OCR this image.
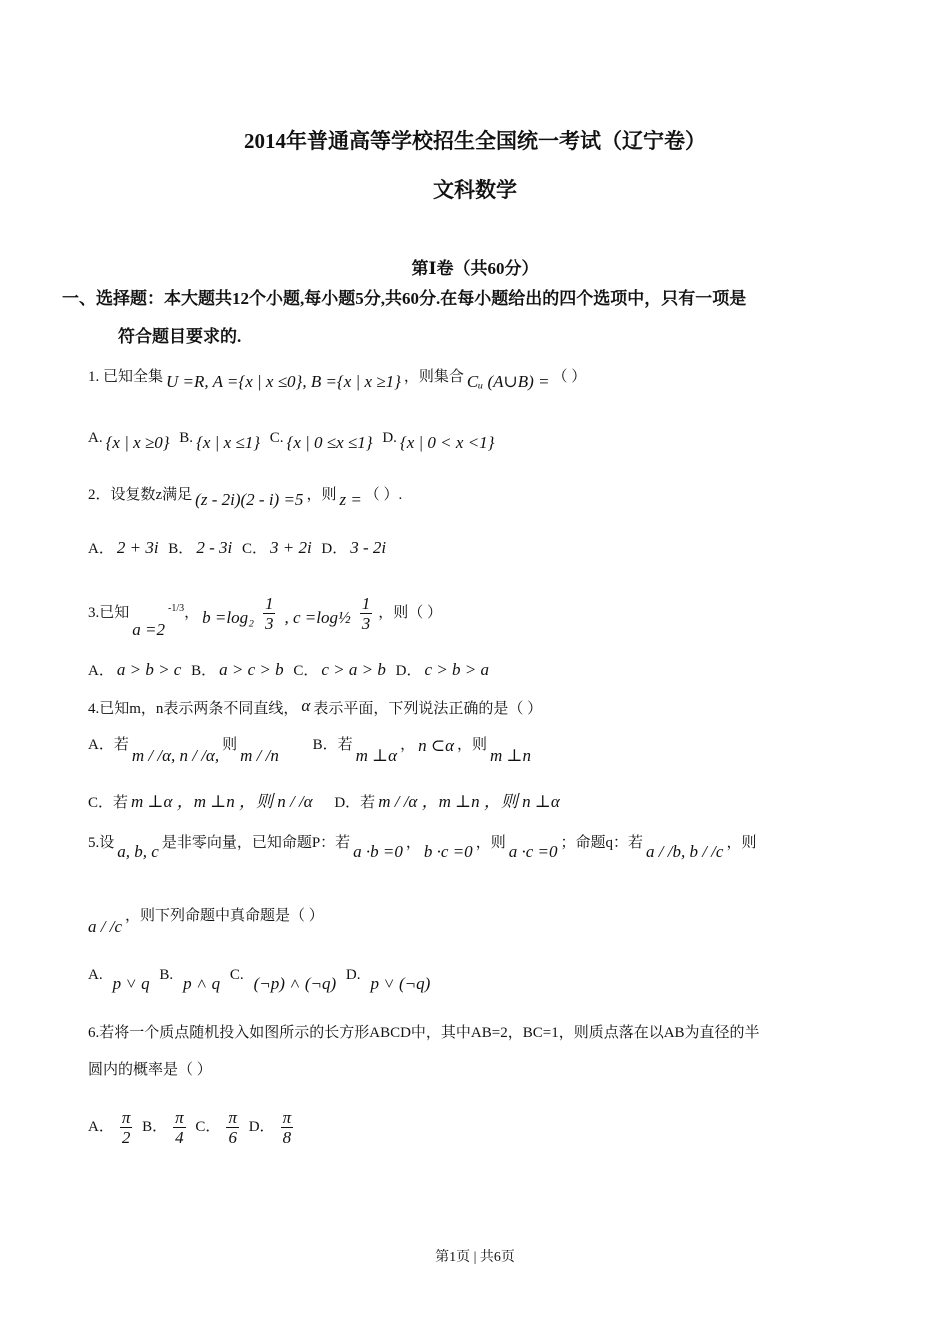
2014年普通高等学校招生全国统一考试（辽宁卷）
文科数学
第Ⅰ卷（共60分）
一、选择题：本大题共12个小题,每小题5分,共60分.在每小题给出的四个选项中，只有一项是
符合题目要求的.
1. 已知全集 U =R, A ={x | x ≤0}, B ={x | x ≥1} ，则集合 Cᵤ (A∪B) = （ ）
A. {x | x ≥0} B. {x | x ≤1} C. {x | 0 ≤x ≤1} D. {x | 0 < x <1}
2．设复数z满足 (z - 2i)(2 - i) =5 ，则 z = （ ）.
A． 2 + 3i B． 2 - 3i C． 3 + 2i D． 3 - 2i
3.已知$a =2^{-1/3}$， $b =\log_2 \frac{1}{3}$ , c =log½ $\frac{1}{3}$ ，则（ ）
A． a > b > c B． a > c > b C． c > a > b D． c > b > a
4.已知m，n表示两条不同直线， α 表示平面，下列说法正确的是（ ）
A．若m / /α, n / /α,则m / /n B．若m ⊥α， n ⊂α ，则m ⊥n
C．若 m ⊥α ，m ⊥n ，则 n / /α D．若 m / /α ，m ⊥n ，则 n ⊥α
5.设 a, b, c 是非零向量，已知命题P：若 a ·b =0 ， b ·c =0 ，则 a ·c =0 ；命题q：若 a / /b, b / /c ，则
a / /c，则下列命题中真命题是（ ）
A. p ˅ q B. p ˄ q C. (¬p) ˄ (¬q) D. p ˅ (¬q)
6.若将一个质点随机投入如图所示的长方形ABCD中，其中AB=2，BC=1，则质点落在以AB为直径的半
圆内的概率是（ ）
A． $\frac{\pi}{2}$ B． $\frac{\pi}{4}$ C． $\frac{\pi}{6}$ D． $\frac{\pi}{8}$
第1页 | 共6页
